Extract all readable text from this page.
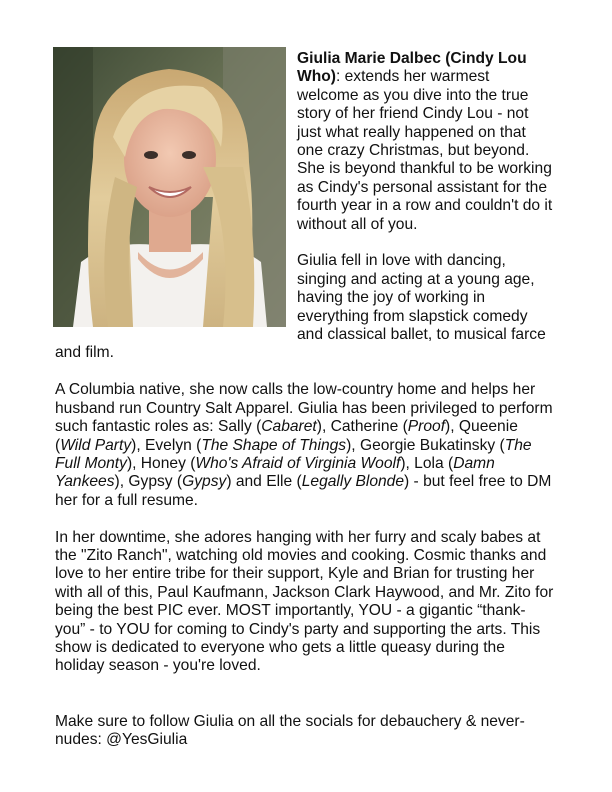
Giulia Marie Dalbec (Cindy Lou Who): extends her warmest welcome as you dive into the true story of her friend Cindy Lou - not just what really happened on that one crazy Christmas, but beyond. She is beyond thankful to be working as Cindy's personal assistant for the fourth year in a row and couldn't do it without all of you.

Giulia fell in love with dancing, singing and acting at a young age, having the joy of working in everything from slapstick comedy and classical ballet, to musical farce and film.

A Columbia native, she now calls the low-country home and helps her husband run Country Salt Apparel. Giulia has been privileged to perform such fantastic roles as: Sally (Cabaret), Catherine (Proof), Queenie (Wild Party), Evelyn (The Shape of Things), Georgie Bukatinsky (The Full Monty), Honey (Who's Afraid of Virginia Woolf), Lola (Damn Yankees), Gypsy (Gypsy) and Elle (Legally Blonde) - but feel free to DM her for a full resume.

In her downtime, she adores hanging with her furry and scaly babes at the "Zito Ranch", watching old movies and cooking. Cosmic thanks and love to her entire tribe for their support, Kyle and Brian for trusting her with all of this, Paul Kaufmann, Jackson Clark Haywood, and Mr. Zito for being the best PIC ever. MOST importantly, YOU - a gigantic “thank-you” - to YOU for coming to Cindy's party and supporting the arts. This show is dedicated to everyone who gets a little queasy during the holiday season - you're loved.

Make sure to follow Giulia on all the socials for debauchery & never-nudes: @YesGiulia
